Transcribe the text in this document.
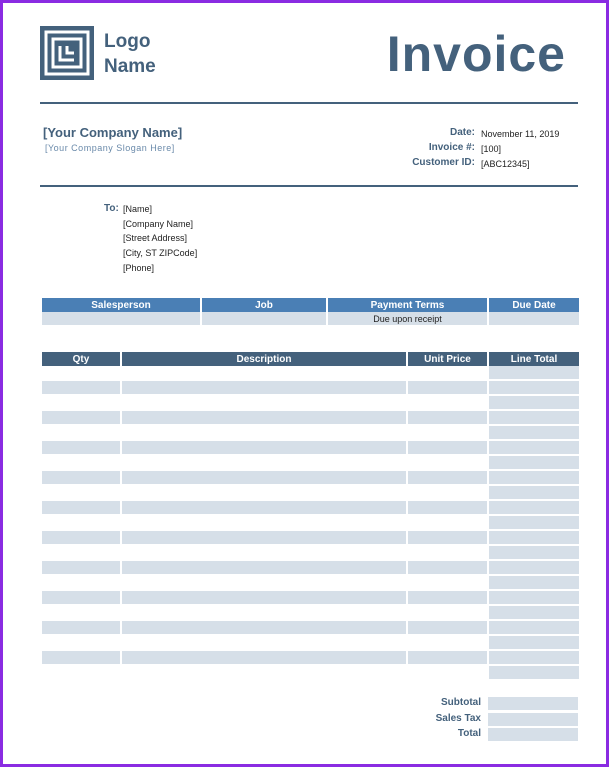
Logo
Name	Invoice
[Your Company Name]
[Your Company Slogan Here]
Date: November 11, 2019
Invoice #: [100]
Customer ID: [ABC12345]
To: [Name]
[Company Name]
[Street Address]
[City, ST ZIPCode]
[Phone]
Salesperson	Job	Payment Terms	Due Date
		Due upon receipt	
Qty	Description	Unit Price	Line Total

Subtotal
Sales Tax
Total
